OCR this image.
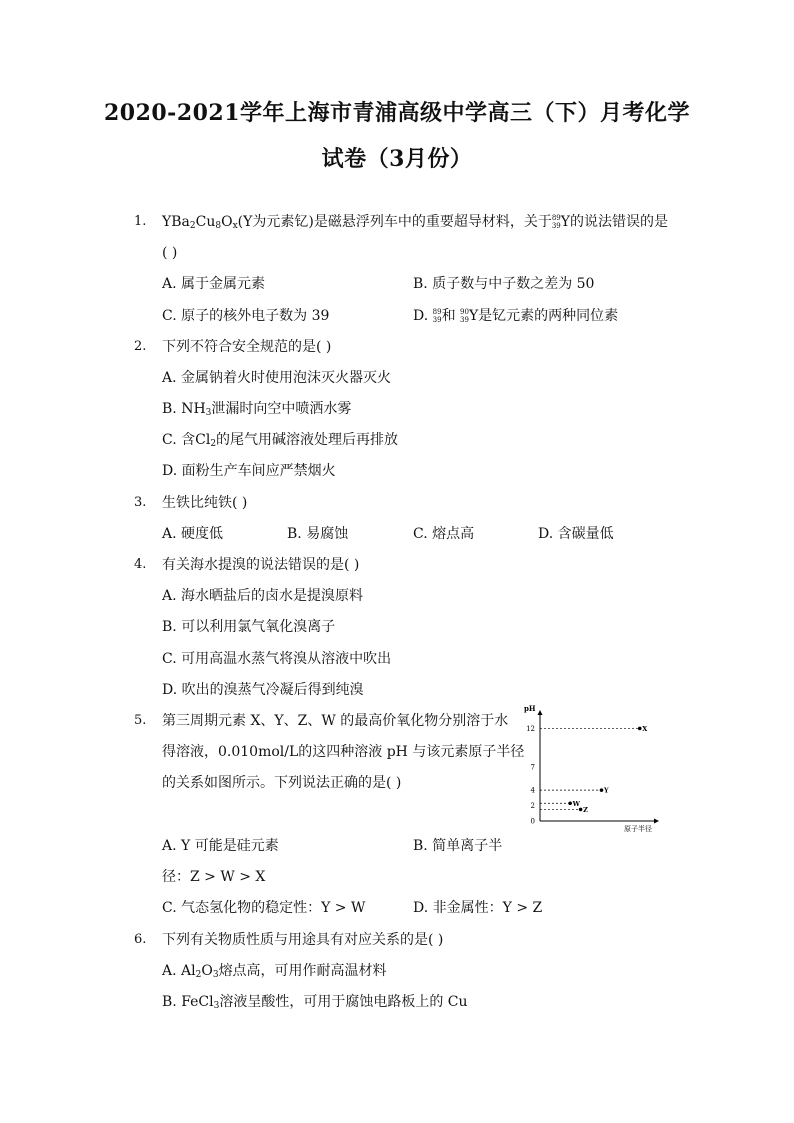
2020-2021学年上海市青浦高级中学高三（下）月考化学
试卷（3月份）
1. $YBa_2Cu_8O_x(Y$为元素钇)是磁悬浮列车中的重要超导材料，关于 89
39 Y的说法错误的是
( )
A. 属于金属元素	B. 质子数与中子数之差为 50
C. 原子的核外电子数为 39	D. 89
39 和 90
39 Y是钇元素的两种同位素
2. 下列不符合安全规范的是( )
A. 金属钠着火时使用泡沫灭火器灭火
B. $NH_3$泄漏时向空中喷洒水雾
C. 含$Cl_2$的尾气用碱溶液处理后再排放
D. 面粉生产车间应严禁烟火
3. 生铁比纯铁( )
A. 硬度低	B. 易腐蚀	C. 熔点高	D. 含碳量低
4. 有关海水提溴的说法错误的是( )
A. 海水晒盐后的卤水是提溴原料
B. 可以利用氯气氧化溴离子
C. 可用高温水蒸气将溴从溶液中吹出
D. 吹出的溴蒸气冷凝后得到纯溴
5. 第三周期元素 X、Y、Z、W 的最高价氧化物分别溶于水
得溶液，0.010mol/L的这四种溶液 pH 与该元素原子半径
的关系如图所示。下列说法正确的是( )
A. Y 可能是硅元素	B. 简单离子半
径：Z > W > X
C. 气态氢化物的稳定性：Y > W	D. 非金属性：Y > Z
pH
原子半径
0
2
4
7
12	X
Y
W
Z
6. 下列有关物质性质与用途具有对应关系的是( )
A. $Al_2O_3$熔点高，可用作耐高温材料
B. FeCl$_3$溶液呈酸性，可用于腐蚀电路板上的 Cu
